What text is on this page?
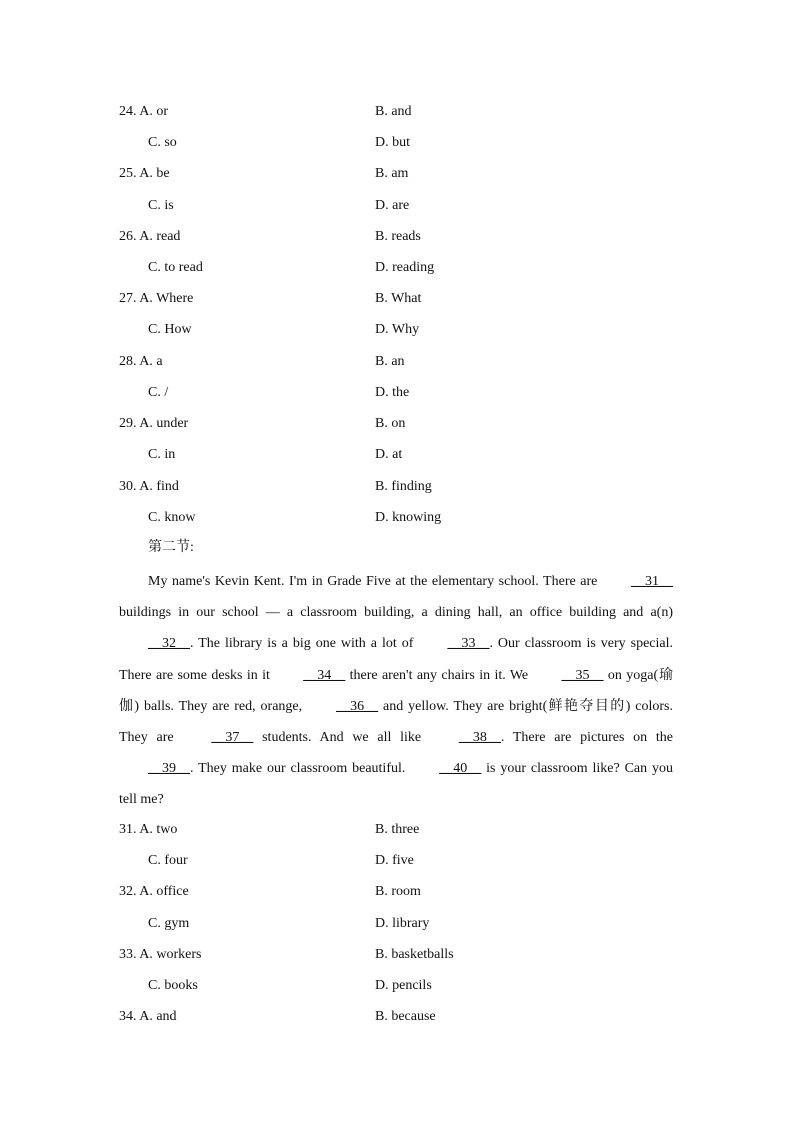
24. A. or	B. and
C. so	D. but
25. A. be	B. am
C. is	D. are
26. A. read	B. reads
C. to read	D. reading
27. A. Where	B. What
C. How	D. Why
28. A. a	B. an
C. /	D. the
29. A. under	B. on
C. in	D. at
30. A. find	B. finding
C. know	D. knowing
第二节:
My name's Kevin Kent. I'm in Grade Five at the elementary school. There are __31__ buildings in our school — a classroom building, a dining hall, an office building and a(n) __32__. The library is a big one with a lot of __33__. Our classroom is very special. There are some desks in it __34__ there aren't any chairs in it. We __35__ on yoga(瑜伽) balls. They are red, orange, __36__ and yellow. They are bright(鲜艳夺目的) colors. They are __37__ students. And we all like __38__. There are pictures on the __39__. They make our classroom beautiful. __40__ is your classroom like? Can you tell me?
31. A. two	B. three
C. four	D. five
32. A. office	B. room
C. gym	D. library
33. A. workers	B. basketballs
C. books	D. pencils
34. A. and	B. because
